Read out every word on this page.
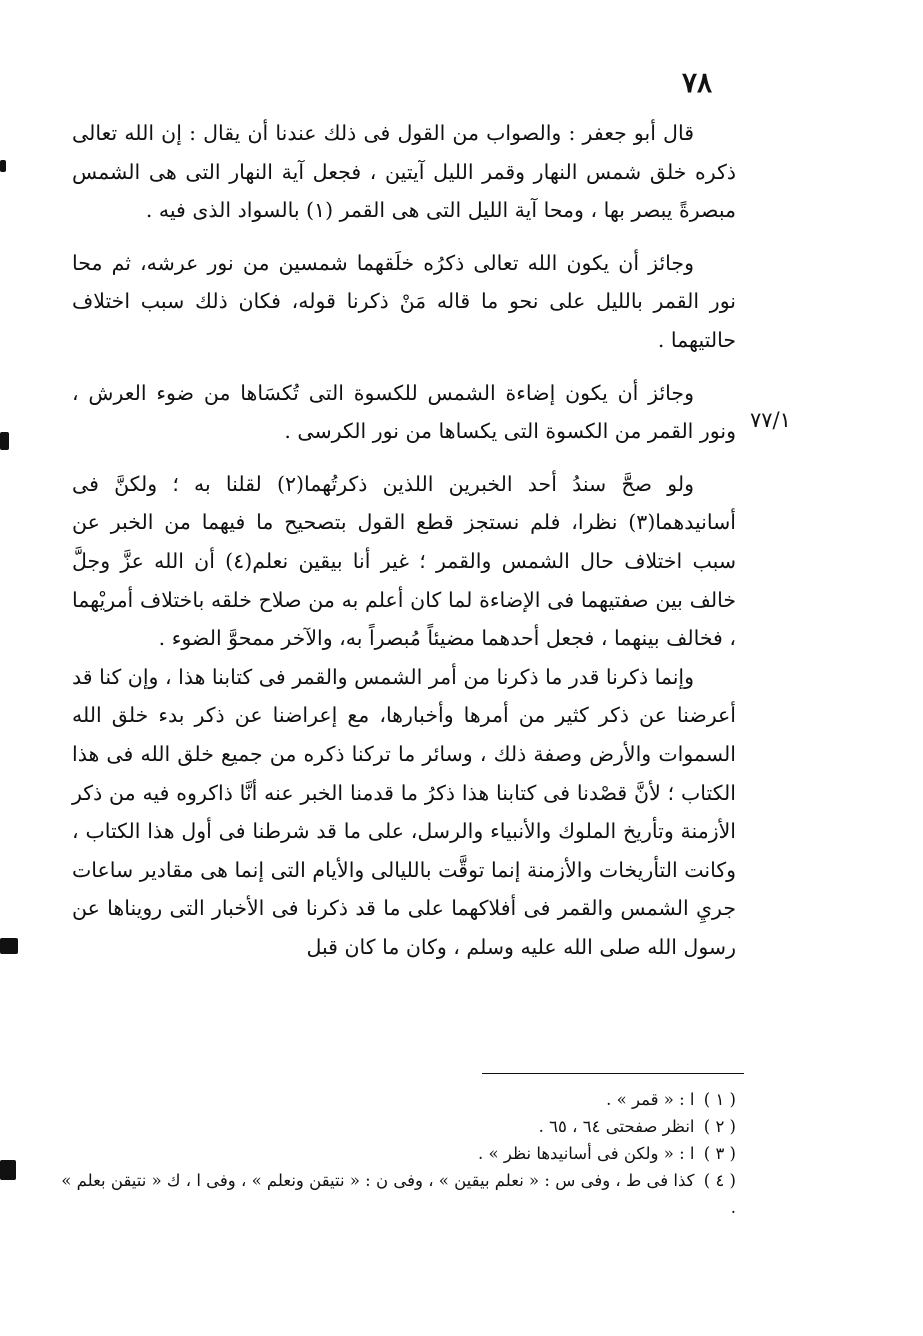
٧٨
٧٧/١

قال أبو جعفر : والصواب من القول فى ذلك عندنا أن يقال : إن الله تعالى ذكره خلق شمس النهار وقمر الليل آيتين ، فجعل آية النهار التى هى الشمس مبصرةً يبصر بها ، ومحا آية الليل التى هى القمر (١) بالسواد الذى فيه .

وجائز أن يكون الله تعالى ذكرُه خلَقهما شمسين من نور عرشه، ثم محا نور القمر بالليل على نحو ما قاله مَنْ ذكرنا قوله، فكان ذلك سبب اختلاف حالتيهما .

وجائز أن يكون إضاءة الشمس للكسوة التى تُكسَاها من ضوء العرش ، ونور القمر من الكسوة التى يكساها من نور الكرسى .

ولو صحَّ سندُ أحد الخبرين اللذين ذكرتُهما(٢) لقلنا به ؛ ولكنَّ فى أسانيدهما(٣) نظرا، فلم نستجز قطع القول بتصحيح ما فيهما من الخبر عن سبب اختلاف حال الشمس والقمر ؛ غير أنا بيقين نعلم(٤) أن الله عزَّ وجلَّ خالف بين صفتيهما فى الإضاءة لما كان أعلم به من صلاح خلقه باختلاف أمريْهما ، فخالف بينهما ، فجعل أحدهما مضيئاً مُبصراً به، والآخر ممحوَّ الضوء .

وإنما ذكرنا قدر ما ذكرنا من أمر الشمس والقمر فى كتابنا هذا ، وإن كنا قد أعرضنا عن ذكر كثير من أمرها وأخبارها، مع إعراضنا عن ذكر بدء خلق الله السموات والأرض وصفة ذلك ، وسائر ما تركنا ذكره من جميع خلق الله فى هذا الكتاب ؛ لأنَّ قصْدنا فى كتابنا هذا ذكرُ ما قدمنا الخبر عنه أنَّا ذاكروه فيه من ذكر الأزمنة وتأريخ الملوك والأنبياء والرسل، على ما قد شرطنا فى أول هذا الكتاب ، وكانت التأريخات والأزمنة إنما توقَّت بالليالى والأيام التى إنما هى مقادير ساعات جريِ الشمس والقمر فى أفلاكهما على ما قد ذكرنا فى الأخبار التى رويناها عن رسول الله صلى الله عليه وسلم ، وكان ما كان قبل

( ١ ) ا : « قمر » .

( ٢ ) انظر صفحتى ٦٤ ، ٦٥ .

( ٣ ) ا : « ولكن فى أسانيدها نظر » .

( ٤ ) كذا فى ط ، وفى س : « نعلم بيقين » ، وفى ن : « نتيقن ونعلم » ، وفى ا ، ك « نتيقن بعلم » .
